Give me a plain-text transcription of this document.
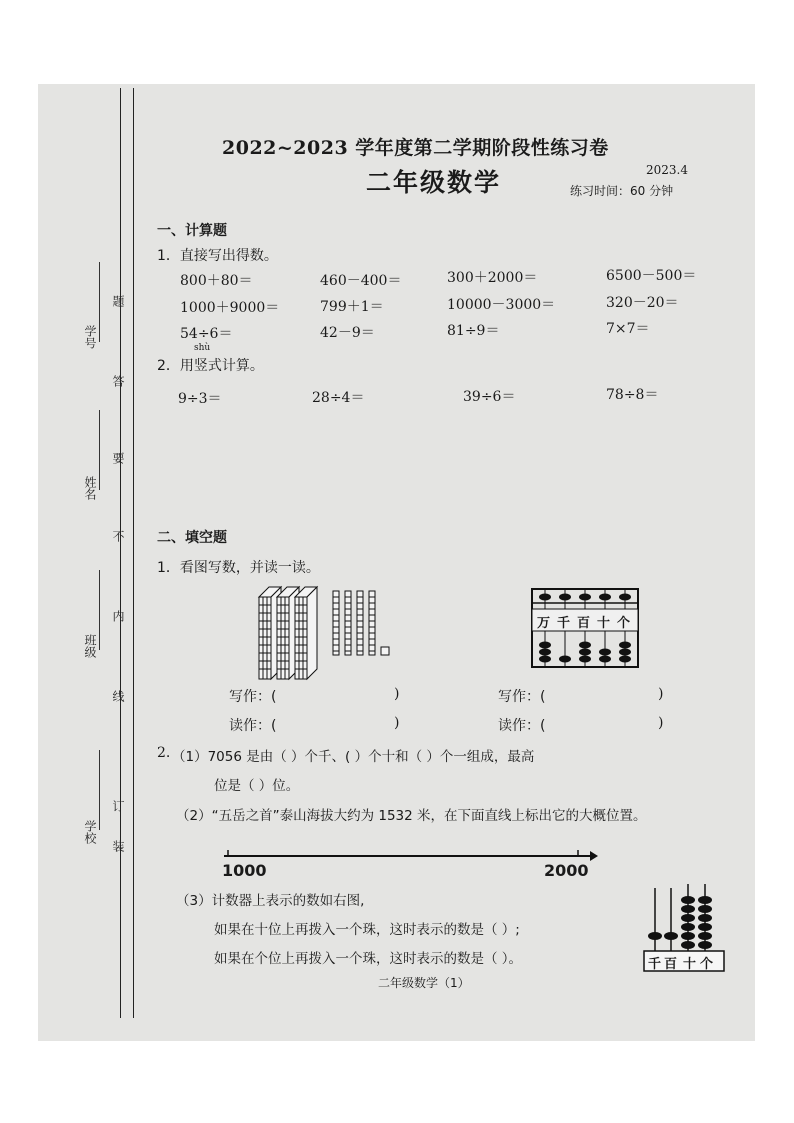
学号
姓名
班级
学校
题
答
要
不
内
线
订
装
2022~2023 学年度第二学期阶段性练习卷
二年级数学	2023.4
练习时间：60 分钟
一、计算题
1．直接写出得数。
800＋80＝	460－400＝	300＋2000＝	6500－500＝
1000＋9000＝	799＋1＝	10000－3000＝	320－20＝
54÷6＝	42－9＝	81÷9＝	7×7＝
shù
2．用竖式计算。
9÷3＝	28÷4＝	39÷6＝	78÷8＝
二、填空题
1．看图写数，并读一读。
万 千 百 十 个
写作：(	)
读作：(	)
写作：(	)
读作：(	)
2. （1）7056 是由（ ）个千、( ）个十和（ ）个一组成，最高
位是（ ）位。
（2）“五岳之首”泰山海拔大约为 1532 米，在下面直线上标出它的大概位置。
1000	2000
（3）计数器上表示的数如右图,
如果在十位上再拨入一个珠，这时表示的数是（ ）;
如果在个位上再拨入一个珠，这时表示的数是（ ）。	千 百 十 个
二年级数学（1）
